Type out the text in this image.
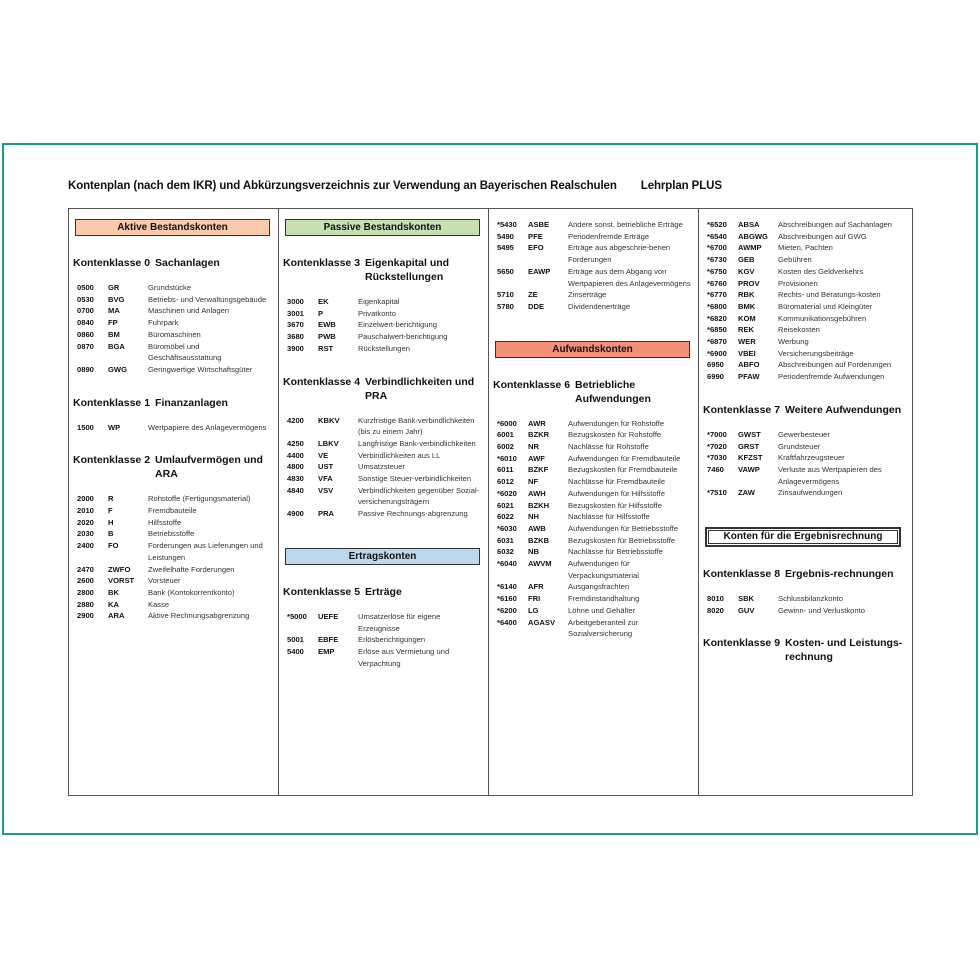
Kontenplan (nach dem IKR) und Abkürzungsverzeichnis zur Verwendung an Bayerischen Realschulen Lehrplan PLUS
Aktive Bestandskonten
Kontenklasse 0 Sachanlagen
0500	GR	Grundstücke
0530	BVG	Betriebs- und Verwaltungsgebäude
0700	MA	Maschinen und Anlagen
0840	FP	Fuhrpark
0860	BM	Büromaschinen
0870	BGA	Büromöbel und Geschäftsausstattung
0890	GWG	Geringwertige Wirtschaftsgüter
Kontenklasse 1 Finanzanlagen
1500	WP	Wertpapiere des Anlagevermögens
Kontenklasse 2 Umlaufvermögen und ARA
2000	R	Rohstoffe (Fertigungsmaterial)
2010	F	Fremdbauteile
2020	H	Hilfsstoffe
2030	B	Betriebsstoffe
2400	FO	Forderungen aus Lieferungen und Leistungen
2470	ZWFO	Zweifelhafte Forderungen
2600	VORST	Vorsteuer
2800	BK	Bank (Kontokorrentkonto)
2880	KA	Kasse
2900	ARA	Aktive Rechnungsabgrenzung
Passive Bestandskonten
Kontenklasse 3 Eigenkapital und Rückstellungen
3000	EK	Eigenkapital
3001	P	Privatkonto
3670	EWB	Einzelwert-berichtigung
3680	PWB	Pauschalwert-berichtigung
3900	RST	Rückstellungen
Kontenklasse 4 Verbindlichkeiten und PRA
4200	KBKV	Kurzfristige Bank-verbindlichkeiten (bis zu einem Jahr)
4250	LBKV	Langfristige Bank-verbindlichkeiten
4400	VE	Verbindlichkeiten aus LL
4800	UST	Umsatzsteuer
4830	VFA	Sonstige Steuer-verbindlichkeiten
4840	VSV	Verbindlichkeiten gegenüber Sozial-versicherungsträgern
4900	PRA	Passive Rechnungs-abgrenzung
Ertragskonten
Kontenklasse 5 Erträge
*5000	UEFE	Umsatzerlöse für eigene Erzeugnisse
5001	EBFE	Erlösberichtigungen
5400	EMP	Erlöse aus Vermietung und Verpachtung
*5430	ASBE	Andere sonst. betriebliche Erträge
5490	PFE	Periodenfremde Erträge
5495	EFO	Erträge aus abgeschrie-benen Forderungen
5650	EAWP	Erträge aus dem Abgang von Wertpapieren des Anlagevermögens
5710	ZE	Zinserträge
5780	DDE	Dividendenerträge
Aufwandskonten
Kontenklasse 6 Betriebliche Aufwendungen
*6000	AWR	Aufwendungen für Rohstoffe
6001	BZKR	Bezugskosten für Rohstoffe
6002	NR	Nachlässe für Rohstoffe
*6010	AWF	Aufwendungen für Fremdbauteile
6011	BZKF	Bezugskosten für Fremdbauteile
6012	NF	Nachlässe für Fremdbauteile
*6020	AWH	Aufwendungen für Hilfsstoffe
6021	BZKH	Bezugskosten für Hilfsstoffe
6022	NH	Nachlässe für Hilfsstoffe
*6030	AWB	Aufwendungen für Betriebsstoffe
6031	BZKB	Bezugskosten für Betriebsstoffe
6032	NB	Nachlässe für Betriebsstoffe
*6040	AWVM	Aufwendungen für Verpackungsmaterial
*6140	AFR	Ausgangsfrachten
*6160	FRI	Fremdinstandhaltung
*6200	LG	Löhne und Gehälter
*6400	AGASV	Arbeitgeberanteil zur Sozialversicherung
*6520	ABSA	Abschreibungen auf Sachanlagen
*6540	ABGWG	Abschreibungen auf GWG
*6700	AWMP	Mieten, Pachten
*6730	GEB	Gebühren
*6750	KGV	Kosten des Geldverkehrs
*6760	PROV	Provisionen
*6770	RBK	Rechts- und Beratungs-kosten
*6800	BMK	Büromaterial und Kleingüter
*6820	KOM	Kommunikationsgebühren
*6850	REK	Reisekosten
*6870	WER	Werbung
*6900	VBEI	Versicherungsbeiträge
6950	ABFO	Abschreibungen auf Forderungen
6990	PFAW	Periodenfremde Aufwendungen
Kontenklasse 7 Weitere Aufwendungen
*7000	GWST	Gewerbesteuer
*7020	GRST	Grundsteuer
*7030	KFZST	Kraftfahrzeugsteuer
7460	VAWP	Verluste aus Wertpapieren des Anlagevermögens
*7510	ZAW	Zinsaufwendungen
Konten für die Ergebnisrechnung
Kontenklasse 8 Ergebnis-rechnungen
8010	SBK	Schlussbilanzkonto
8020	GUV	Gewinn- und Verlustkonto
Kontenklasse 9 Kosten- und Leistungs-rechnung
